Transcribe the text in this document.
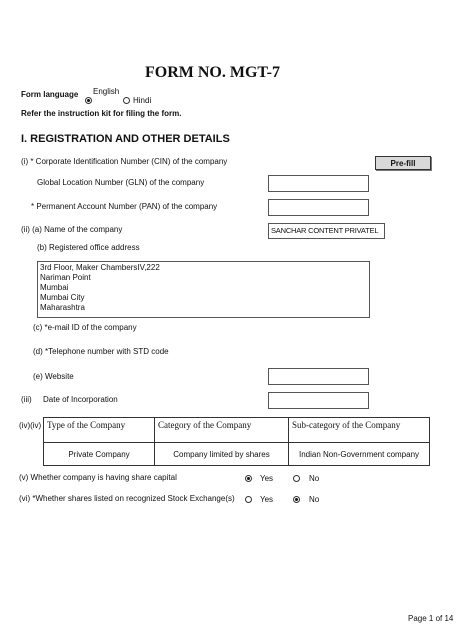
FORM NO. MGT-7
Form language English
Hindi
Refer the instruction kit for filing the form.
I. REGISTRATION AND OTHER DETAILS
(i) * Corporate Identification Number (CIN) of the company	Pre-fill
Global Location Number (GLN) of the company
* Permanent Account Number (PAN) of the company
(ii) (a) Name of the company	SANCHAR CONTENT PRIVATEL
(b) Registered office address
3rd Floor, Maker ChambersIV,222
Nariman Point
Mumbai
Mumbai City
Maharashtra
(c) *e-mail ID of the company
(d) *Telephone number with STD code
(e) Website
(iii) Date of Incorporation
(iv)(iv) Type of the Company	Category of the Company	Sub-category of the Company
Private Company	Company limited by shares	Indian Non-Government company
(v) Whether company is having share capital	Yes	No
(vi) *Whether shares listed on recognized Stock Exchange(s)	Yes	No
Page 1 of 14
